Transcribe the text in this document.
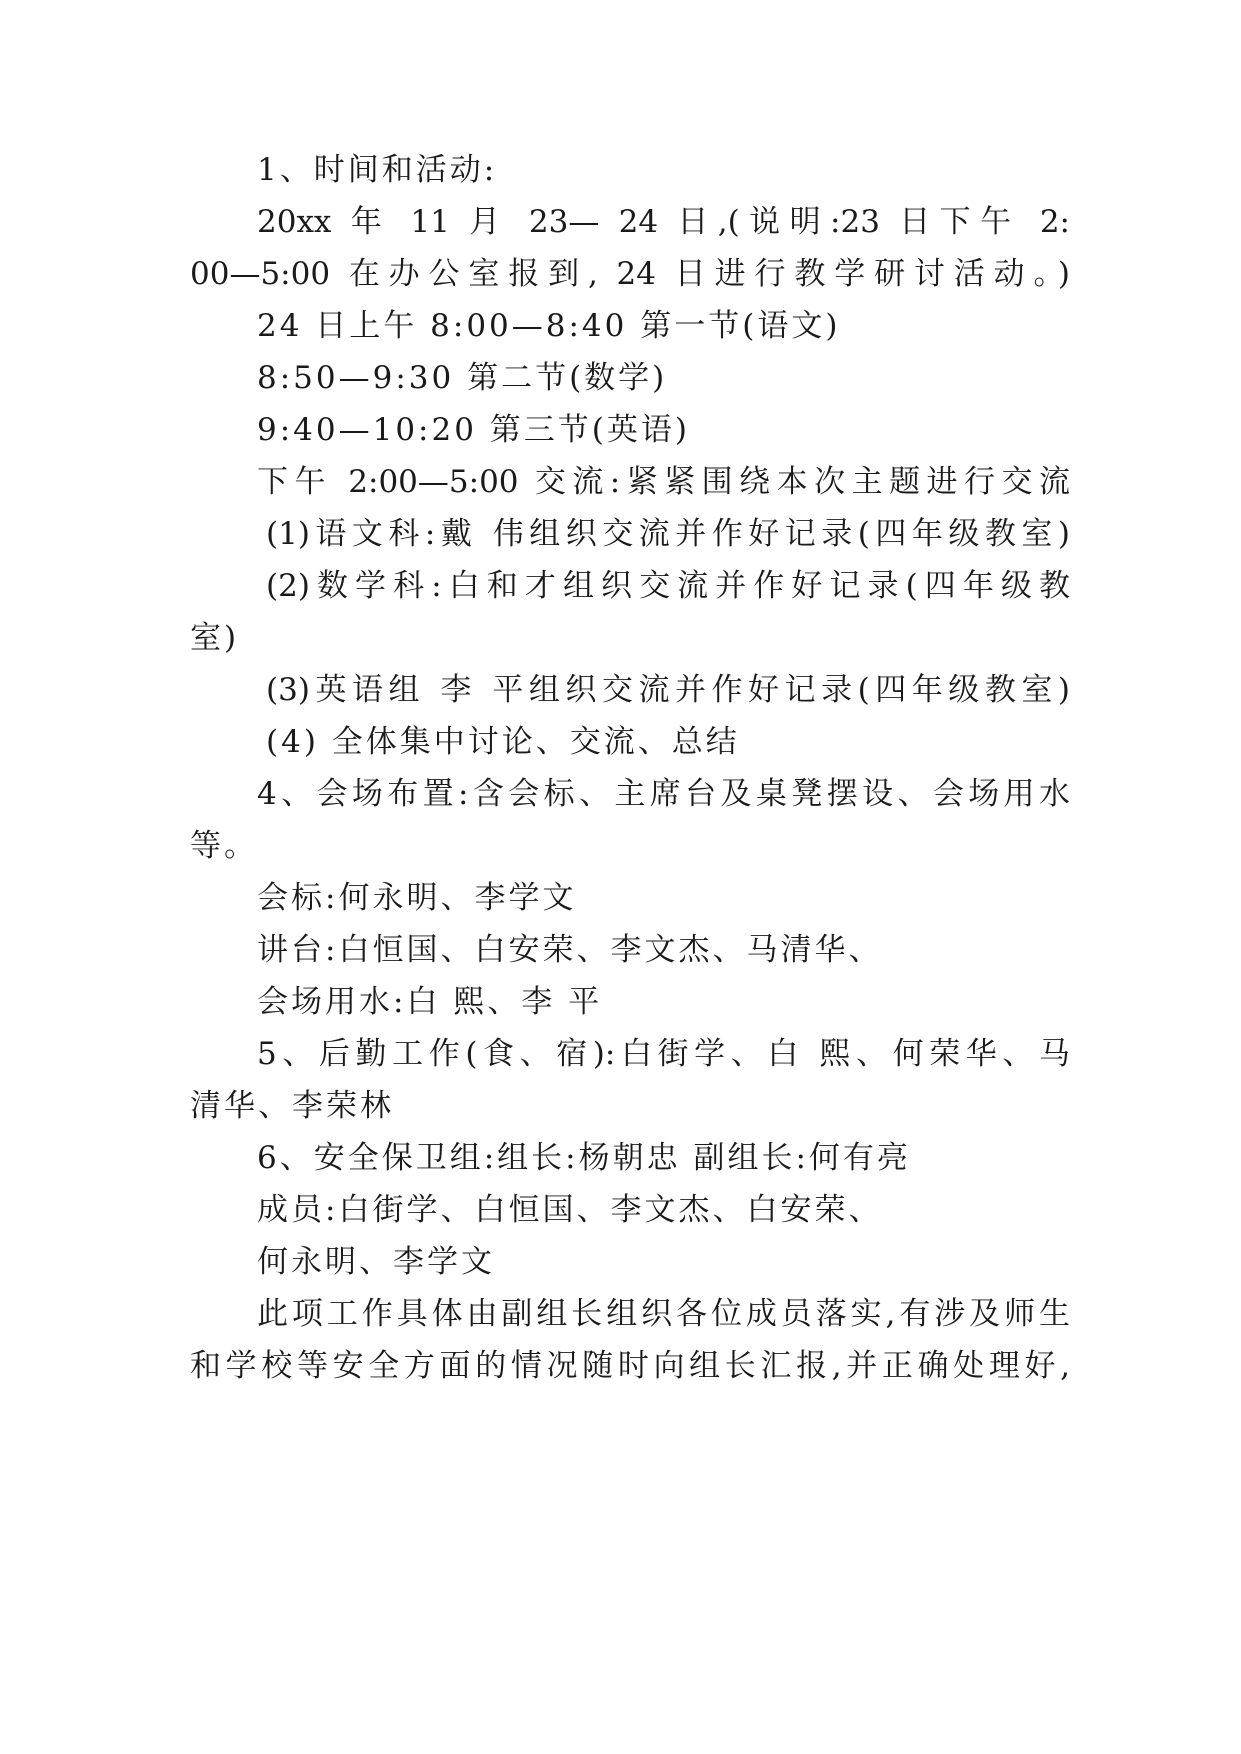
1、时间和活动:
20xx 年 11 月 23— 24 日,(说明:23 日下午 2:
00—5:00 在办公室报到, 24 日进行教学研讨活动。)
24 日上午 8:00—8:40 第一节(语文)
8:50—9:30 第二节(数学)
9:40—10:20 第三节(英语)
下午 2:00—5:00 交流:紧紧围绕本次主题进行交流
(1)语文科:戴 伟组织交流并作好记录(四年级教室)
(2)数学科:白和才组织交流并作好记录(四年级教
室)
(3)英语组 李 平组织交流并作好记录(四年级教室)
(4) 全体集中讨论、交流、总结
4、会场布置:含会标、主席台及桌凳摆设、会场用水
等。
会标:何永明、李学文
讲台:白恒国、白安荣、李文杰、马清华、
会场用水:白 熙、李 平
5、后勤工作(食、宿):白街学、白 熙、何荣华、马
清华、李荣林
6、安全保卫组:组长:杨朝忠 副组长:何有亮
成员:白街学、白恒国、李文杰、白安荣、
何永明、李学文
此项工作具体由副组长组织各位成员落实,有涉及师生
和学校等安全方面的情况随时向组长汇报,并正确处理好,
